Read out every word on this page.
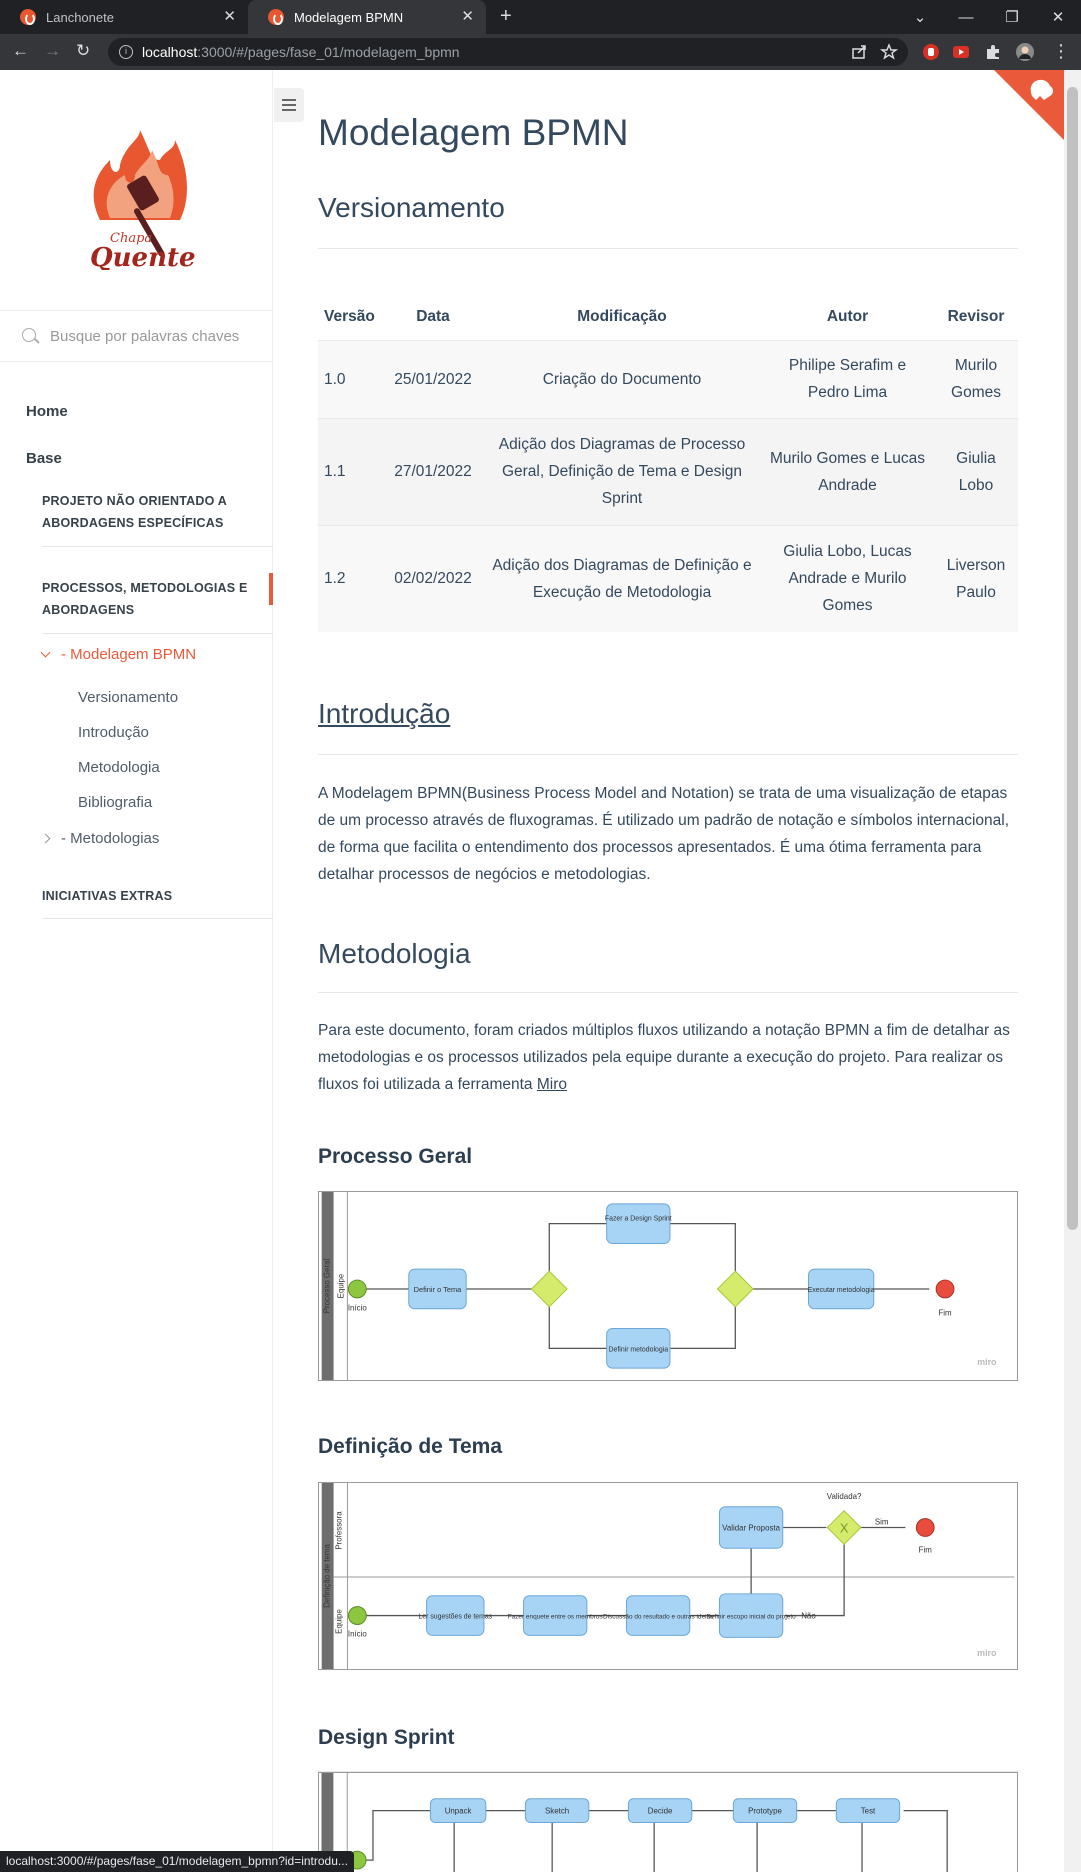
Lanchonete	✕	Modelagem BPMN	✕ +	⌄	—	❐	✕
← → ↻	i	localhost :3000/#/pages/fase_01/modelagem_bpmn	⋮
Chapa
Quente
Busque por palavras chaves
Home
Base
PROJETO NÃO ORIENTADO A ABORDAGENS ESPECÍFICAS
PROCESSOS, METODOLOGIAS E ABORDAGENS
- Modelagem BPMN
Versionamento
Introdução
Metodologia
Bibliografia
- Metodologias
INICIATIVAS EXTRAS
Modelagem BPMN
Versionamento
Versão	Data	Modificação	Autor	Revisor
1.0	25/01/2022	Criação do Documento	Philipe Serafim e Pedro Lima	Murilo Gomes
1.1	27/01/2022	Adição dos Diagramas de Processo Geral, Definição de Tema e Design Sprint	Murilo Gomes e Lucas Andrade	Giulia Lobo
1.2	02/02/2022	Adição dos Diagramas de Definição e Execução de Metodologia	Giulia Lobo, Lucas Andrade e Murilo Gomes	Liverson Paulo
Introdução
A Modelagem BPMN(Business Process Model and Notation) se trata de uma visualização de etapas de um processo através de fluxogramas. É utilizado um padrão de notação e símbolos internacional, de forma que facilita o entendimento dos processos apresentados. É uma ótima ferramenta para detalhar processos de negócios e metodologias.
Metodologia
Para este documento, foram criados múltiplos fluxos utilizando a notação BPMN a fim de detalhar as metodologias e os processos utilizados pela equipe durante a execução do projeto. Para realizar os fluxos foi utilizada a ferramenta Miro
Processo Geral
Processo Geral Equipe
Início
Definir o Tema
Fazer a Design Sprint
Definir metodologia
Executar metodologia
Fim
miro
Definição de Tema
Definição de tema
Professora
Equipe
Início
Ler sugestões de temas Fazer enquete entre os membros Discussão do resultado e outras ideias
Definir escopo inicial do projeto
Validar Proposta	X
Validada?
Sim
Não
Fim
miro
Design Sprint
Unpack	Sketch	Decide	Prototype	Test
localhost:3000/#/pages/fase_01/modelagem_bpmn?id=introdu...
